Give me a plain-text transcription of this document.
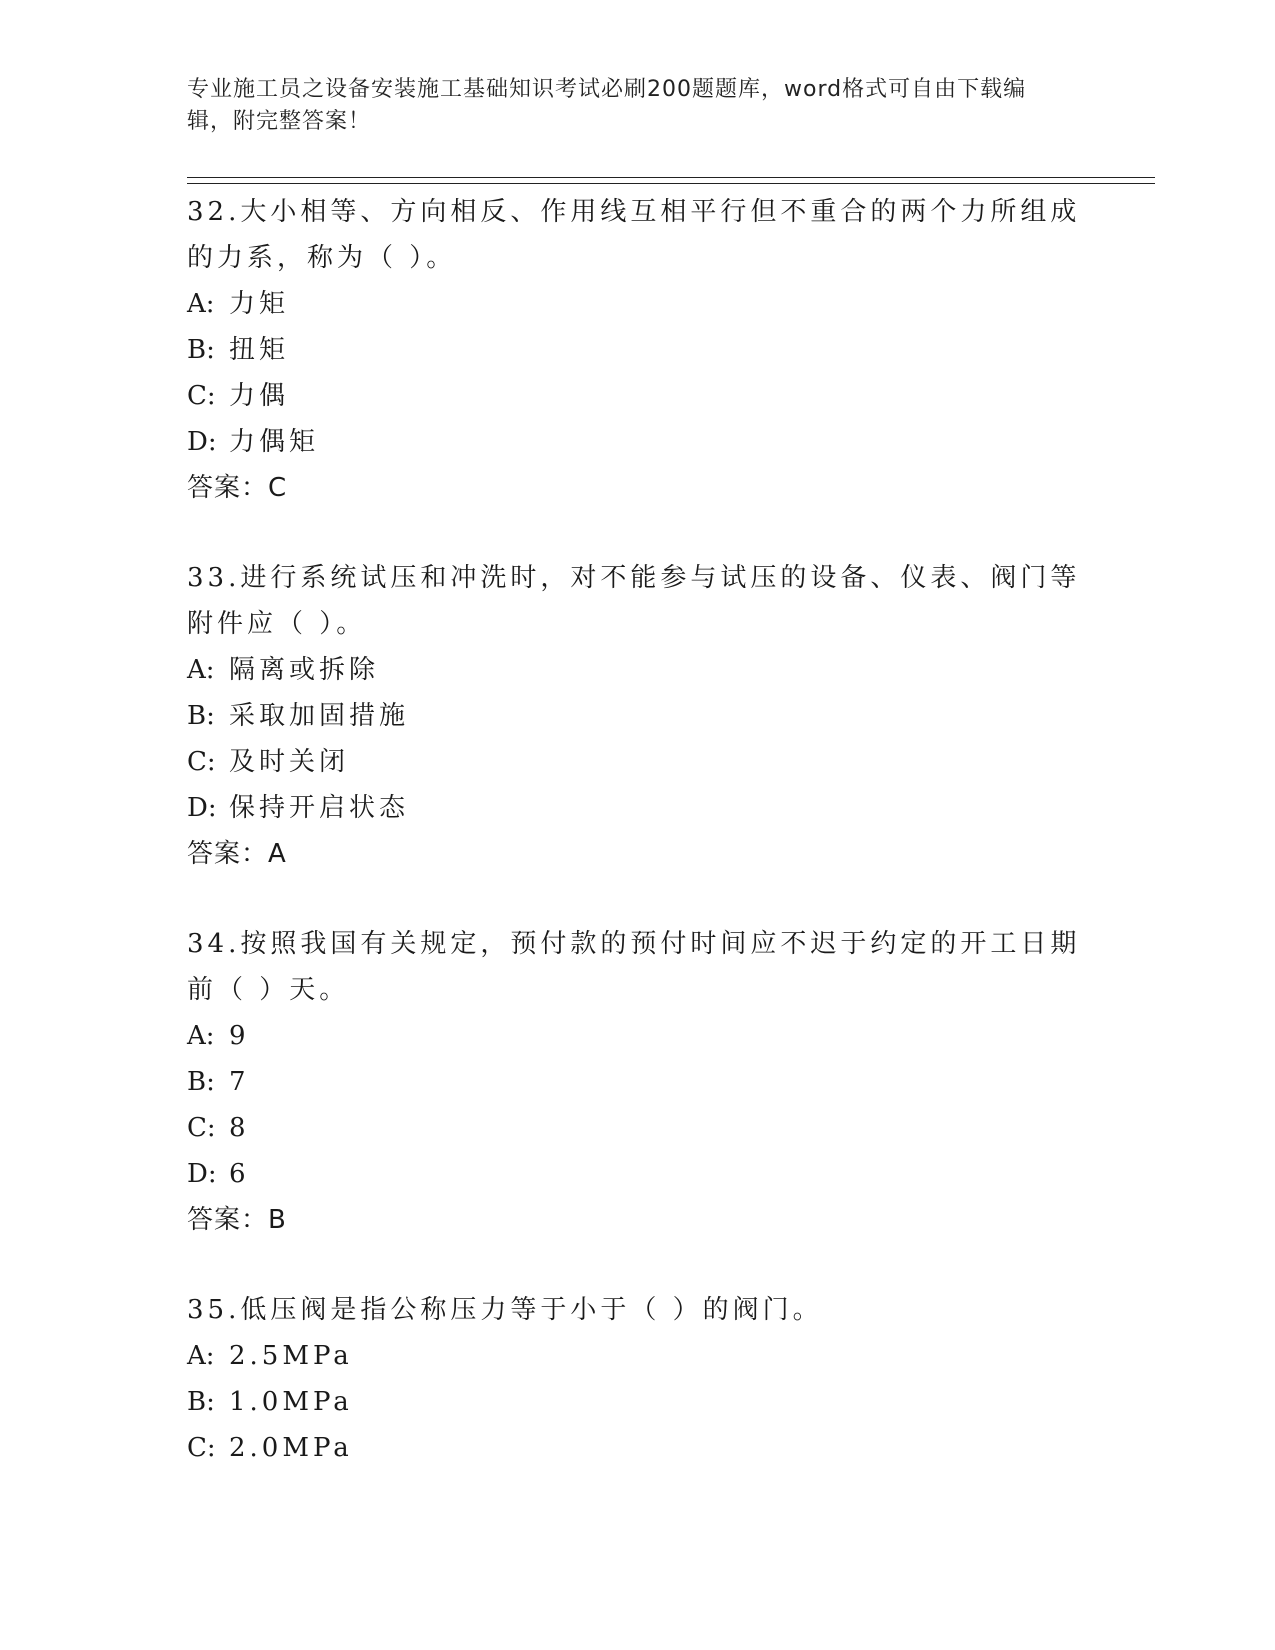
专业施工员之设备安装施工基础知识考试必刷200题题库，word格式可自由下载编辑，附完整答案！

32.大小相等、方向相反、作用线互相平行但不重合的两个力所组成的力系，称为（ ）。

A: 力矩

B: 扭矩

C: 力偶

D: 力偶矩

答案：C

33.进行系统试压和冲洗时，对不能参与试压的设备、仪表、阀门等附件应（ ）。

A: 隔离或拆除

B: 采取加固措施

C: 及时关闭

D: 保持开启状态

答案：A

34.按照我国有关规定，预付款的预付时间应不迟于约定的开工日期前（ ）天。

A: 9

B: 7

C: 8

D: 6

答案：B

35.低压阀是指公称压力等于小于（ ）的阀门。

A: 2.5MPa

B: 1.0MPa

C: 2.0MPa
